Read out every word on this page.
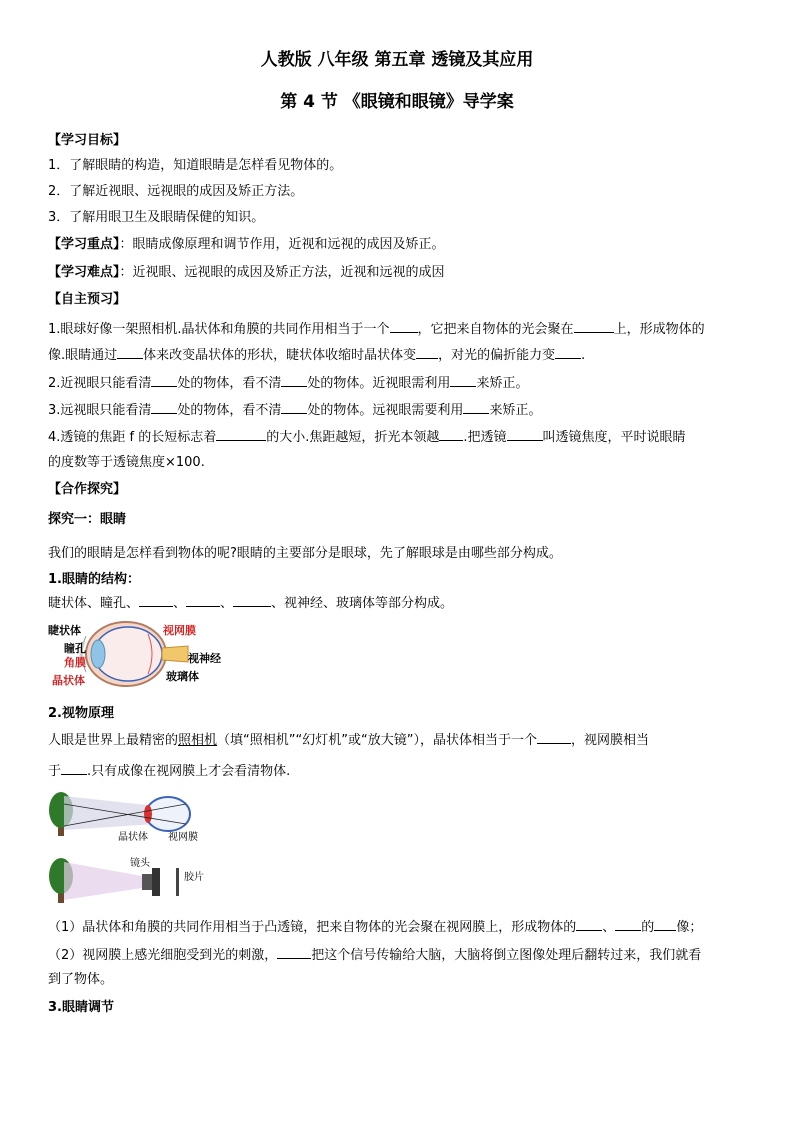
人教版 八年级 第五章 透镜及其应用
第 4 节 《眼镜和眼镜》导学案
【学习目标】
1．了解眼睛的构造，知道眼睛是怎样看见物体的。
2．了解近视眼、远视眼的成因及矫正方法。
3．了解用眼卫生及眼睛保健的知识。
【学习重点】：眼睛成像原理和调节作用，近视和远视的成因及矫正。
【学习难点】：近视眼、远视眼的成因及矫正方法，近视和远视的成因
【自主预习】
1.眼球好像一架照相机.晶状体和角膜的共同作用相当于一个 ，它把来自物体的光会聚在	上，形成物体的
像.眼睛通过 体来改变晶状体的形状，睫状体收缩时晶状体变 ，对光的偏折能力变 .
2.近视眼只能看清 处的物体，看不清 处的物体。近视眼需利用 来矫正。
3.远视眼只能看清 处的物体，看不清 处的物体。远视眼需要利用 来矫正。
4.透镜的焦距 f 的长短标志着	的大小.焦距越短，折光本领越 .把透镜	叫透镜焦度，平时说眼睛
的度数等于透镜焦度×100.
【合作探究】
探究一：眼睛
我们的眼睛是怎样看到物体的呢?眼睛的主要部分是眼球，先了解眼球是由哪些部分构成。
1.眼睛的结构：
睫状体、瞳孔、	、	、	、视神经、玻璃体等部分构成。
睫状体
瞳孔
角膜
晶状体
视网膜
视神经
玻璃体
2.视物原理
人眼是世界上最精密的照相机（填“照相机”“幻灯机”或“放大镜”），晶状体相当于一个	，视网膜相当
于 .只有成像在视网膜上才会看清物体.
晶状体 视网膜
镜头
胶片
（1）晶状体和角膜的共同作用相当于凸透镜，把来自物体的光会聚在视网膜上，形成物体的 、 的 像；
（2）视网膜上感光细胞受到光的刺激，	把这个信号传输给大脑，大脑将倒立图像处理后翻转过来，我们就看
到了物体。
3.眼睛调节
